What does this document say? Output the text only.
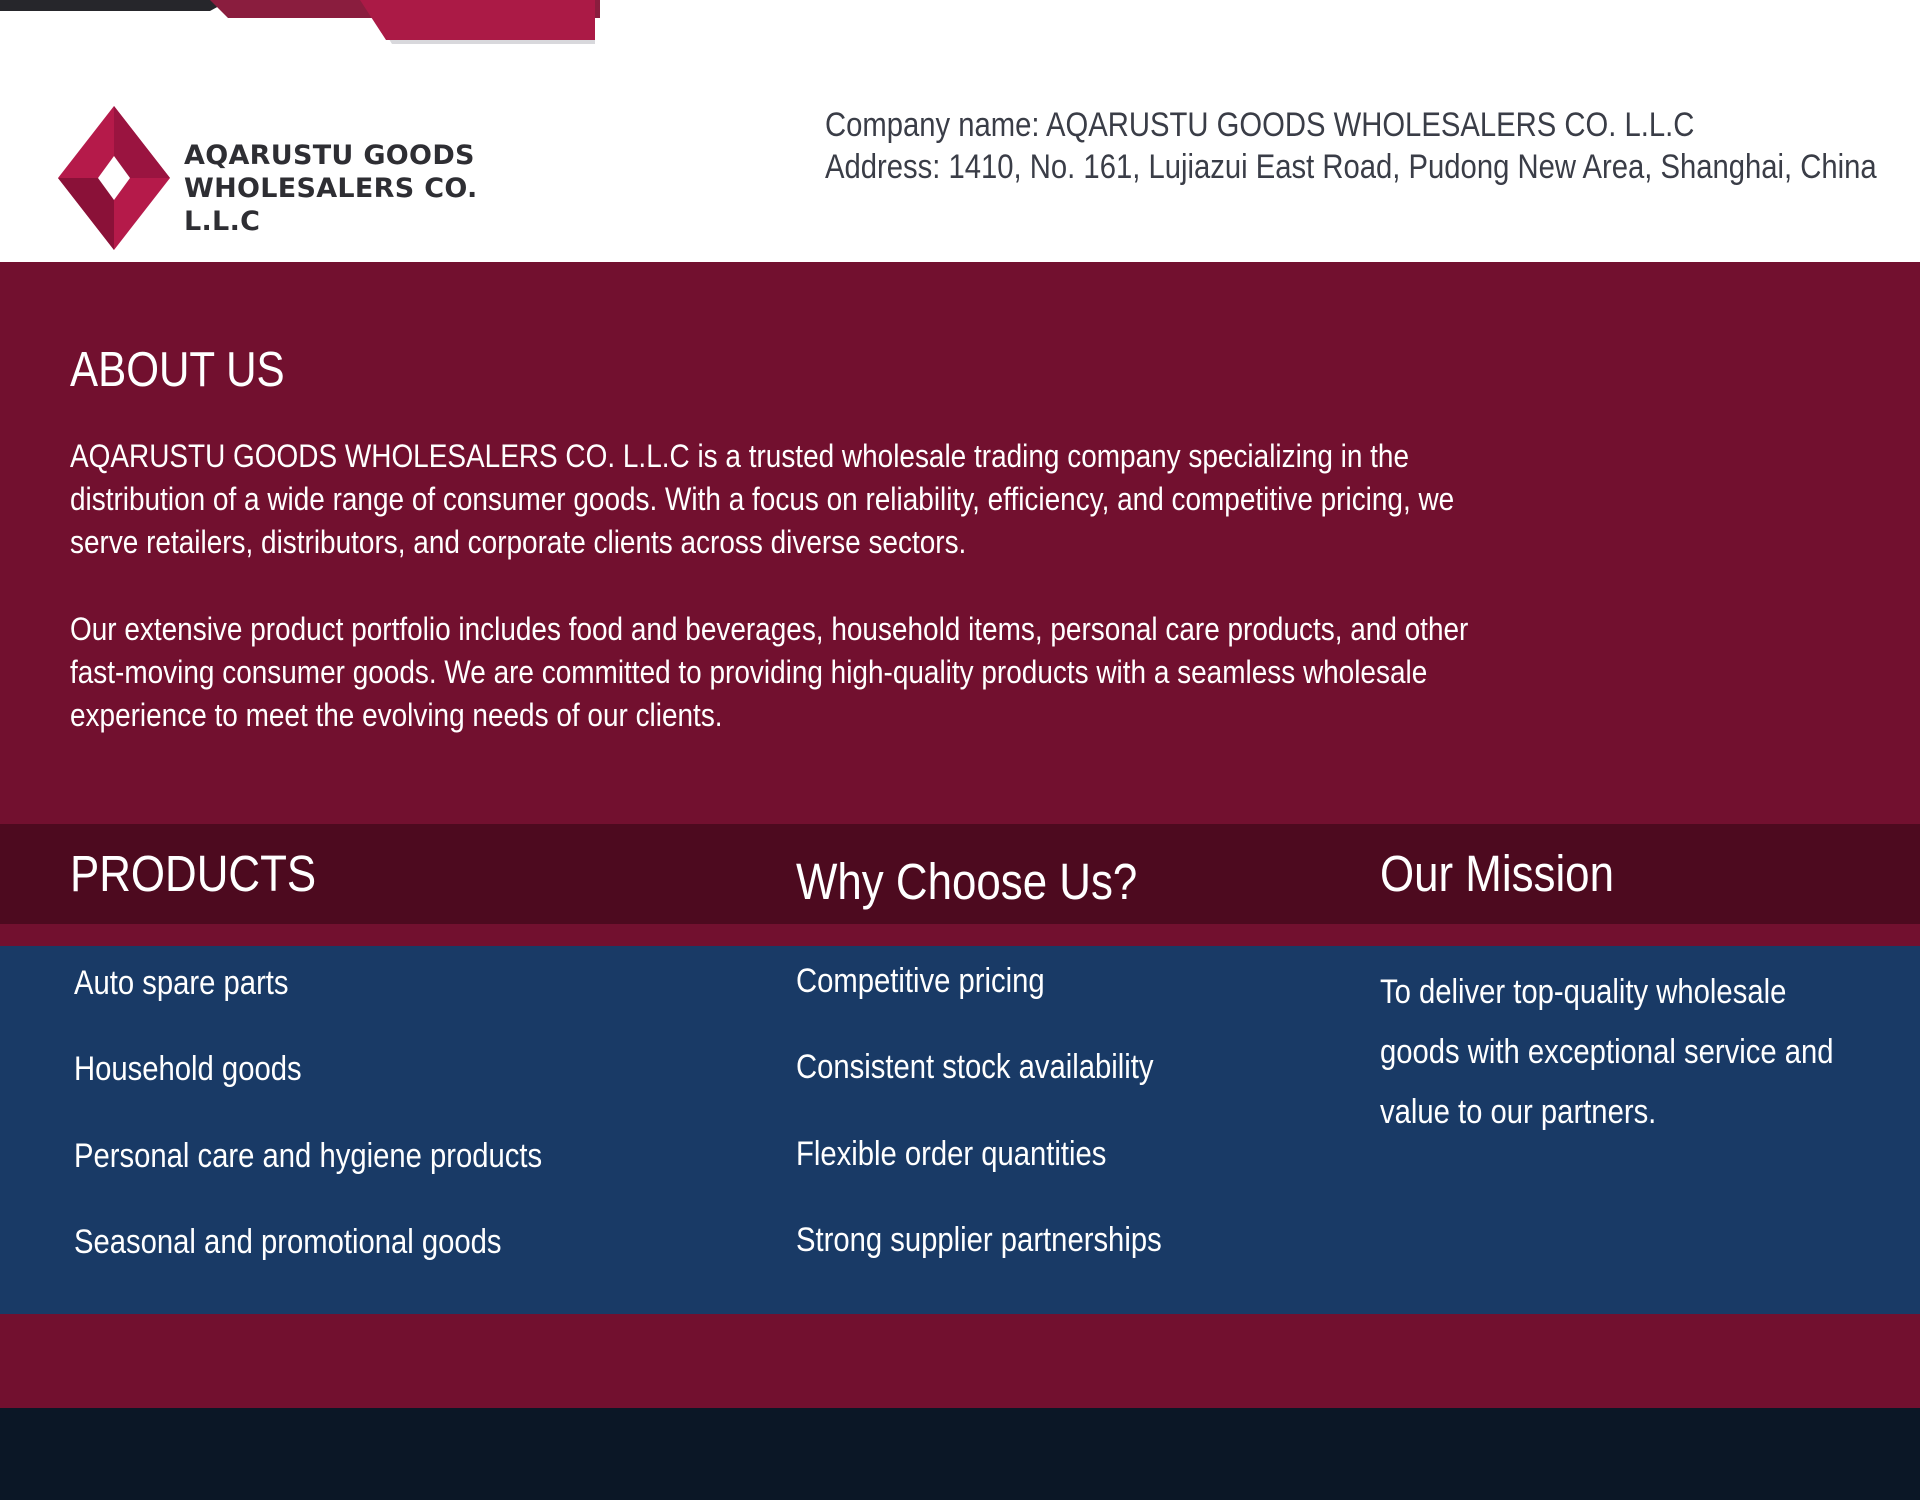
AQARUSTU GOODS
WHOLESALERS CO. L.L.C
Company name: AQARUSTU GOODS WHOLESALERS CO. L.L.C
Address: 1410, No. 161, Lujiazui East Road, Pudong New Area, Shanghai, China
ABOUT US
AQARUSTU GOODS WHOLESALERS CO. L.L.C is a trusted wholesale trading company specializing in the distribution of a wide range of consumer goods. With a focus on reliability, efficiency, and competitive pricing, we serve retailers, distributors, and corporate clients across diverse sectors.
Our extensive product portfolio includes food and beverages, household items, personal care products, and other fast-moving consumer goods. We are committed to providing high-quality products with a seamless wholesale experience to meet the evolving needs of our clients.
PRODUCTS	Why Choose Us?	Our Mission
Auto spare parts
Household goods
Personal care and hygiene products
Seasonal and promotional goods
Competitive pricing
Consistent stock availability
Flexible order quantities
Strong supplier partnerships
To deliver top-quality wholesale
goods with exceptional service and
value to our partners.
